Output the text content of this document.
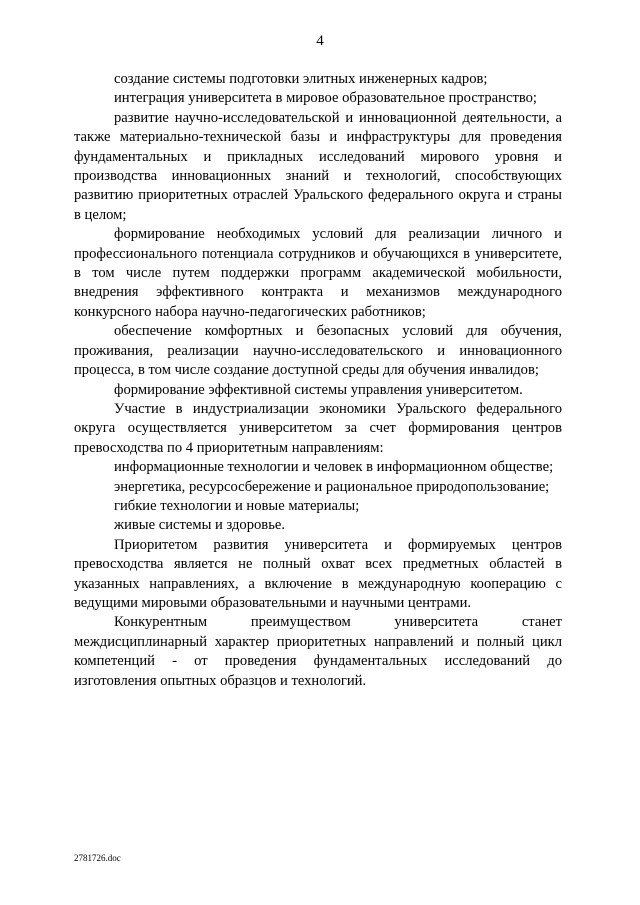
4

создание системы подготовки элитных инженерных кадров;

интеграция университета в мировое образовательное пространство;

развитие научно-исследовательской и инновационной деятельности, а также материально-технической базы и инфраструктуры для проведения фундаментальных и прикладных исследований мирового уровня и производства инновационных знаний и технологий, способствующих развитию приоритетных отраслей Уральского федерального округа и страны в целом;

формирование необходимых условий для реализации личного и профессионального потенциала сотрудников и обучающихся в университете, в том числе путем поддержки программ академической мобильности, внедрения эффективного контракта и механизмов международного конкурсного набора научно-педагогических работников;

обеспечение комфортных и безопасных условий для обучения, проживания, реализации научно-исследовательского и инновационного процесса, в том числе создание доступной среды для обучения инвалидов;

формирование эффективной системы управления университетом.

Участие в индустриализации экономики Уральского федерального округа осуществляется университетом за счет формирования центров превосходства по 4 приоритетным направлениям:

информационные технологии и человек в информационном обществе;

энергетика, ресурсосбережение и рациональное природопользование;

гибкие технологии и новые материалы;

живые системы и здоровье.

Приоритетом развития университета и формируемых центров превосходства является не полный охват всех предметных областей в указанных направлениях, а включение в международную кооперацию с ведущими мировыми образовательными и научными центрами.

Конкурентным преимуществом университета станет междисциплинарный характер приоритетных направлений и полный цикл компетенций - от проведения фундаментальных исследований до изготовления опытных образцов и технологий.

2781726.doc
